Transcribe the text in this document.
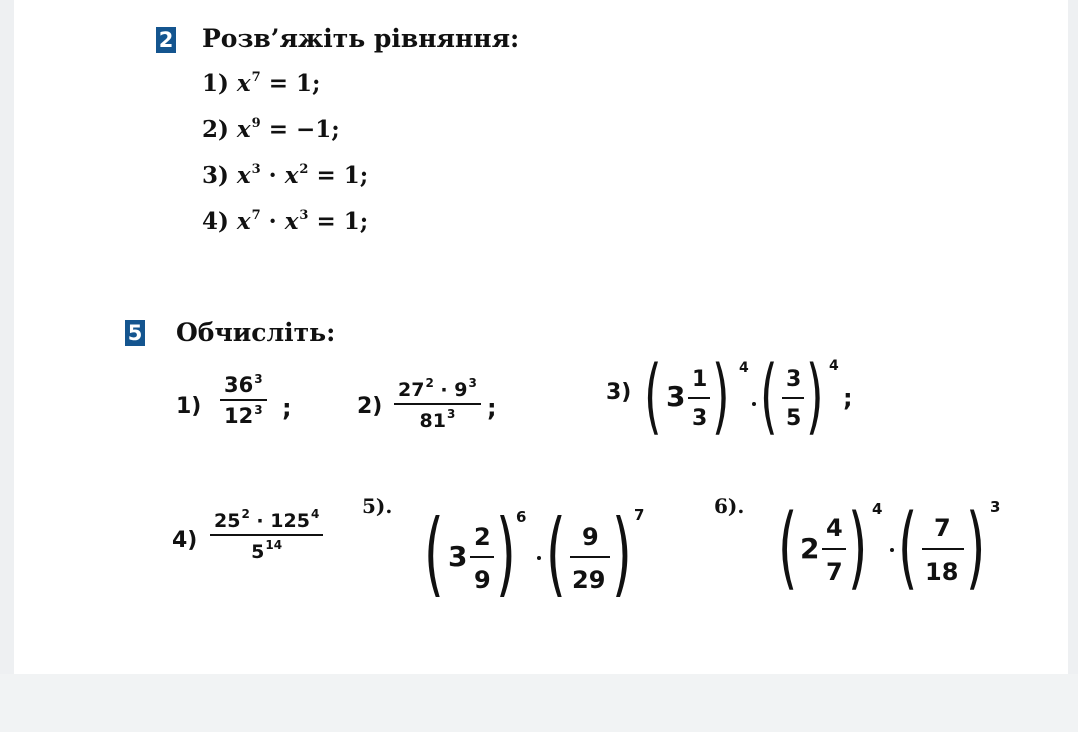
2 Розв’яжіть рівняння:
1) $x^7 = 1$;
2) $x^9 = -1$;
3) $x^3 \cdot x^2 = 1$;
4) $x^7 \cdot x^3 = 1$;
5 Обчисліть:
1)
$36^3$
$12^3$ ;	2)
$27^2 \cdot 9^3$
$81^3$ ;
3) ( 3
1
3 ) 4 ( 3
5 ) 4
;
4)
$25^2 \cdot 125^4$
$5^{14}$
5). ( 3
2
9 ) 6 ( 9
29 ) 7	6). ( 2
4
7 ) 4 ( 7
18 ) 3
